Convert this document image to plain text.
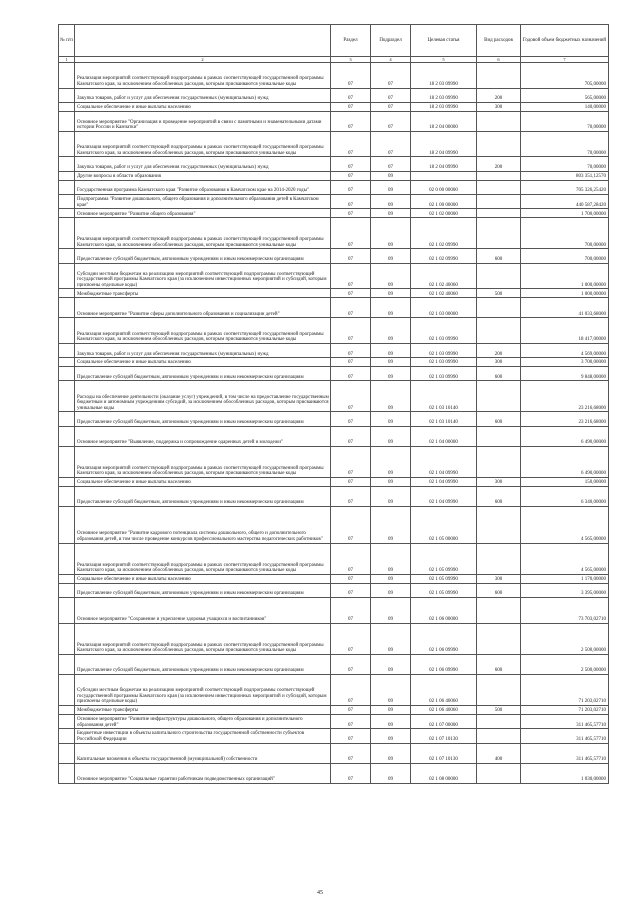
№ п/п		Раздел	Подраздел	Целевая статья	Вид расходов	Годовой объем бюджетных назначений
1	2	3	4	5	6	7
	Реализация мероприятий соответствующей подпрограммы в рамках соответствующей государственной программы Камчатского края, за исключением обособленных расходов, которым присваиваются уникальные коды	07	07	18 2 03 09990		705,00000
	Закупка товаров, работ и услуг для обеспечения государственных (муниципальных) нужд	07	07	18 2 03 09990	200	565,00000
	Социальное обеспечение и иные выплаты населению	07	07	18 2 03 09990	300	140,00000
	Основное мероприятие "Организация и проведение мероприятий в связи с памятными и знаменательными датами истории России и Камчатки"	07	07	18 2 04 00000		70,00000
	Реализация мероприятий соответствующей подпрограммы в рамках соответствующей государственной программы Камчатского края, за исключением обособленных расходов, которым присваиваются уникальные коды	07	07	18 2 04 09990		70,00000
	Закупка товаров, работ и услуг для обеспечения государственных (муниципальных) нужд	07	07	18 2 04 09990	200	70,00000
	Другие вопросы в области образования	07	09			803 351,12570
	Государственная программа Камчатского края "Развитие образования в Камчатском крае на 2014-2020 годы"	07	09	02 0 00 00000		705 326,25420
	Подпрограмма "Развитие дошкольного, общего образования и дополнительного образования детей в Камчатском крае"	07	09	02 1 00 00000		440 587,28420
	Основное мероприятие "Развитие общего образования"	07	09	02 1 02 00000		1 700,00000
	Реализация мероприятий соответствующей подпрограммы в рамках соответствующей государственной программы Камчатского края, за исключением обособленных расходов, которым присваиваются уникальные коды	07	09	02 1 02 09990		700,00000
	Предоставление субсидий бюджетным, автономным учреждениям и иным некоммерческим организациям	07	09	02 1 02 09990	600	700,00000
	Субсидии местным бюджетам на реализацию мероприятий соответствующей подпрограммы соответствующей государственной программы Камчатского края (за исключением инвестиционных мероприятий и субсидий, которым присвоены отдельные коды)	07	09	02 1 02 40060		1 000,00000
	Межбюджетные трансферты	07	09	02 1 02 40060	500	1 000,00000
	Основное мероприятие "Развитие сферы дополнительного образования и социализации детей"	07	09	02 1 03 00000		41 033,68000
	Реализация мероприятий соответствующей подпрограммы в рамках соответствующей государственной программы Камчатского края, за исключением обособленных расходов, которым присваиваются уникальные коды	07	09	02 1 03 09990		18 417,00000
	Закупка товаров, работ и услуг для обеспечения государственных (муниципальных) нужд	07	09	02 1 03 09990	200	4 569,00000
	Социальное обеспечение и иные выплаты населению	07	09	02 1 03 09990	300	3 700,00000
	Предоставление субсидий бюджетным, автономным учреждениям и иным некоммерческим организациям	07	09	02 1 03 09990	600	9 848,00000
	Расходы на обеспечение деятельности (оказание услуг) учреждений, в том числе на предоставление государственным бюджетным и автономным учреждениям субсидий, за исключением обособленных расходов, которым присваиваются уникальные коды	07	09	02 1 03 10140		23 216,68000
	Предоставление субсидий бюджетным, автономным учреждениям и иным некоммерческим организациям	07	09	02 1 03 10140	600	23 216,68000
	Основное мероприятие "Выявление, поддержка и сопровождение одаренных детей и молодежи"	07	09	02 1 04 00000		6 490,00000
	Реализация мероприятий соответствующей подпрограммы в рамках соответствующей государственной программы Камчатского края, за исключением обособленных расходов, которым присваиваются уникальные коды	07	09	02 1 04 09990		6 490,00000
	Социальное обеспечение и иные выплаты населению	07	09	02 1 04 09990	300	150,00000
	Предоставление субсидий бюджетным, автономным учреждениям и иным некоммерческим организациям	07	09	02 1 04 09990	600	6 340,00000
	Основное мероприятие "Развитие кадрового потенциала системы дошкольного, общего и дополнительного образования детей, в том числе проведение конкурсов профессионального мастерства педагогических работников"	07	09	02 1 05 00000		4 565,00000
	Реализация мероприятий соответствующей подпрограммы в рамках соответствующей государственной программы Камчатского края, за исключением обособленных расходов, которым присваиваются уникальные коды	07	09	02 1 05 09990		4 565,00000
	Социальное обеспечение и иные выплаты населению	07	09	02 1 05 09990	300	1 170,00000
	Предоставление субсидий бюджетным, автономным учреждениям и иным некоммерческим организациям	07	09	02 1 05 09990	600	3 395,00000
	Основное мероприятие "Сохранение и укрепление здоровья учащихся и воспитанников"	07	09	02 1 06 00000		73 703,02710
	Реализация мероприятий соответствующей подпрограммы в рамках соответствующей государственной программы Камчатского края, за исключением обособленных расходов, которым присваиваются уникальные коды	07	09	02 1 06 09990		2 500,00000
	Предоставление субсидий бюджетным, автономным учреждениям и иным некоммерческим организациям	07	09	02 1 06 09990	600	2 500,00000
	Субсидии местным бюджетам на реализацию мероприятий соответствующей подпрограммы соответствующей государственной программы Камчатского края (за исключением инвестиционных мероприятий и субсидий, которым присвоены отдельные коды)	07	09	02 1 06 40060		71 203,02710
	Межбюджетные трансферты	07	09	02 1 06 40060	500	71 203,02710
	Основное мероприятие "Развитие инфраструктуры дошкольного, общего образования и дополнительного образования детей"	07	09	02 1 07 00000		311 465,57710
	Бюджетные инвестиции в объекты капитального строительства государственной собственности субъектов Российской Федерации	07	09	02 1 07 10130		311 465,57710
	Капитальные вложения в объекты государственной (муниципальной) собственности	07	09	02 1 07 10130	400	311 465,57710
	Основное мероприятие "Социальные гарантии работникам подведомственных организаций"	07	09	02 1 08 00000		1 030,00000
45
